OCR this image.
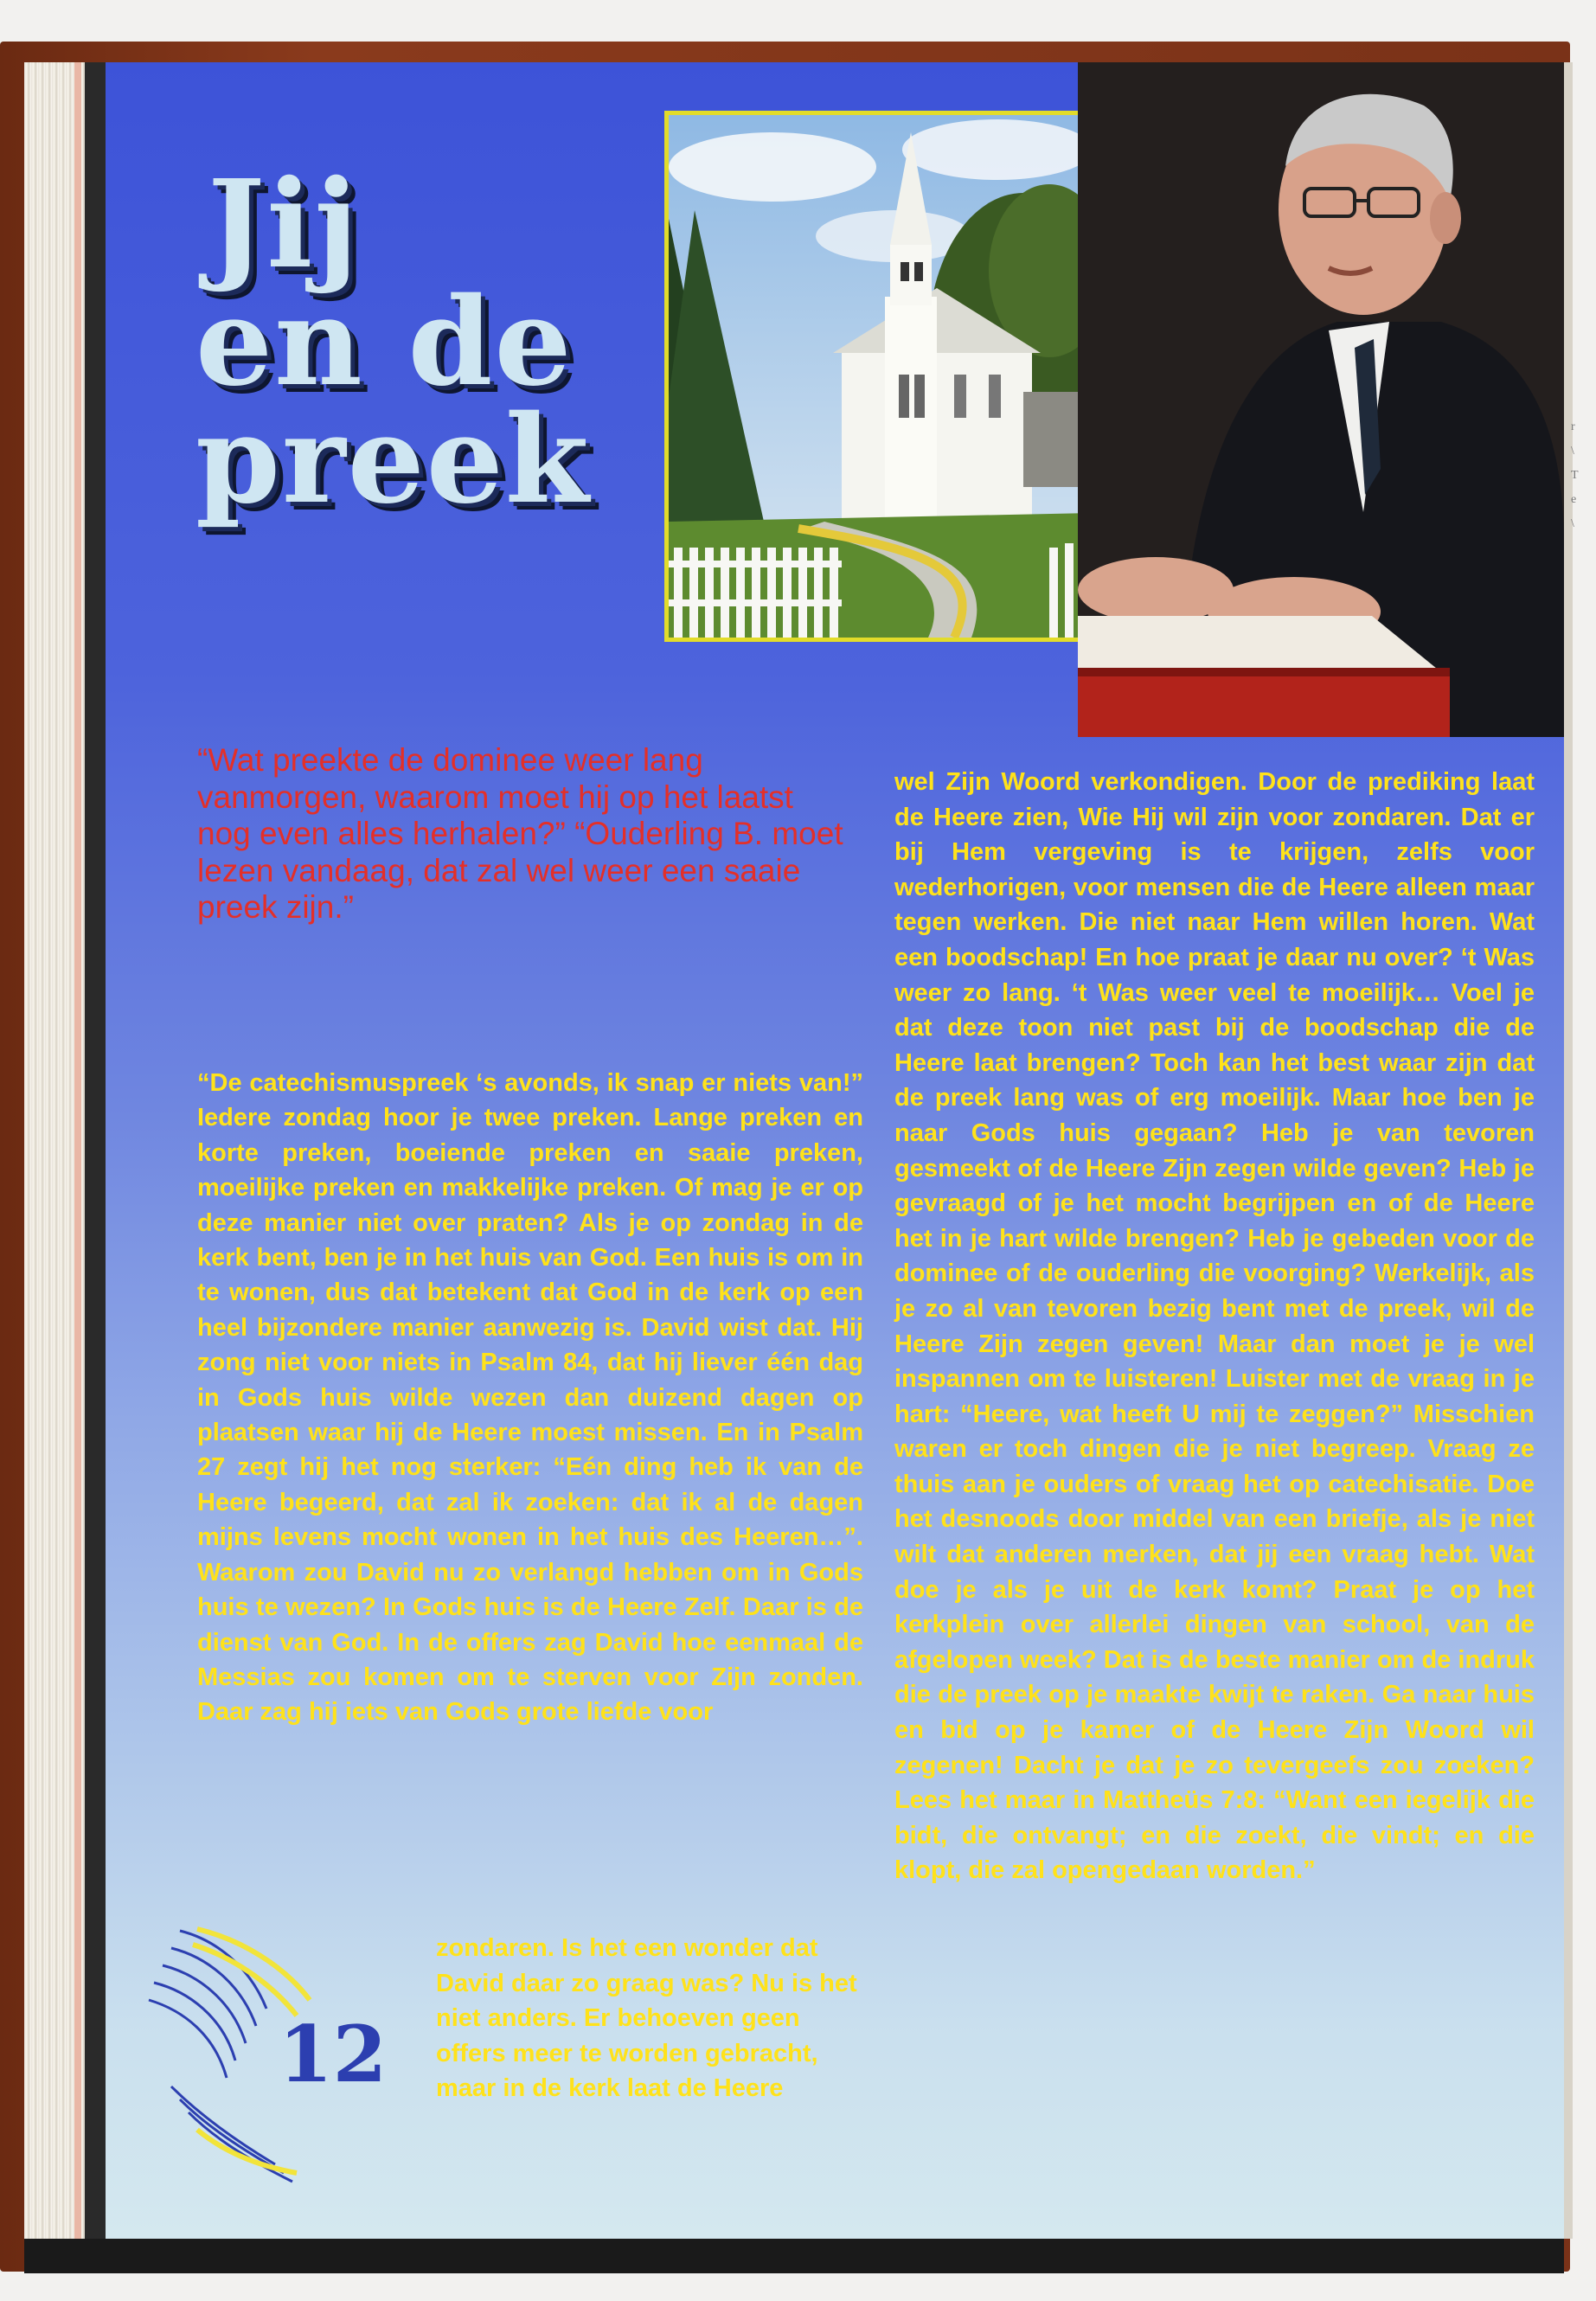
Jij
en de
preek
“Wat preekte de dominee weer lang vanmorgen, waarom moet hij op het laatst nog even alles herhalen?” “Ouderling B. moet lezen vandaag, dat zal wel weer een saaie preek zijn.”

“De catechismuspreek ‘s avonds, ik snap er niets van!” Iedere zondag hoor je twee preken. Lange preken en korte preken, boeiende preken en saaie preken, moeilijke preken en makkelijke preken. Of mag je er op deze manier niet over praten? Als je op zondag in de kerk bent, ben je in het huis van God. Een huis is om in te wonen, dus dat betekent dat God in de kerk op een heel bijzondere manier aanwezig is. David wist dat. Hij zong niet voor niets in Psalm 84, dat hij liever één dag in Gods huis wilde wezen dan duizend dagen op plaatsen waar hij de Heere moest missen. En in Psalm 27 zegt hij het nog sterker: “Eén ding heb ik van de Heere begeerd, dat zal ik zoeken: dat ik al de dagen mijns levens mocht wonen in het huis des Heeren…”. Waarom zou David nu zo verlangd hebben om in Gods huis te wezen? In Gods huis is de Heere Zelf. Daar is de dienst van God. In de offers zag David hoe eenmaal de Messias zou komen om te sterven voor Zijn zonden. Daar zag hij iets van Gods grote liefde voor

zondaren. Is het een wonder dat David daar zo graag was? Nu is het niet anders. Er behoeven geen offers meer te worden gebracht, maar in de kerk laat de Heere

wel Zijn Woord verkondigen. Door de prediking laat de Heere zien, Wie Hij wil zijn voor zondaren. Dat er bij Hem vergeving is te krijgen, zelfs voor wederhorigen, voor mensen die de Heere alleen maar tegen werken. Die niet naar Hem willen horen. Wat een boodschap! En hoe praat je daar nu over? ‘t Was weer zo lang. ‘t Was weer veel te moeilijk… Voel je dat deze toon niet past bij de boodschap die de Heere laat brengen? Toch kan het best waar zijn dat de preek lang was of erg moeilijk. Maar hoe ben je naar Gods huis gegaan? Heb je van tevoren gesmeekt of de Heere Zijn zegen wilde geven? Heb je gevraagd of je het mocht begrijpen en of de Heere het in je hart wilde brengen? Heb je gebeden voor de dominee of de ouderling die voorging? Werkelijk, als je zo al van tevoren bezig bent met de preek, wil de Heere Zijn zegen geven! Maar dan moet je je wel inspannen om te luisteren! Luister met de vraag in je hart: “Heere, wat heeft U mij te zeggen?” Misschien waren er toch dingen die je niet begreep. Vraag ze thuis aan je ouders of vraag het op catechisatie. Doe het desnoods door middel van een briefje, als je niet wilt dat anderen merken, dat jij een vraag hebt. Wat doe je als je uit de kerk komt? Praat je op het kerkplein over allerlei dingen van school, van de afgelopen week? Dat is de beste manier om de indruk die de preek op je maakte kwijt te raken. Ga naar huis en bid op je kamer of de Heere Zijn Woord wil zegenen! Dacht je dat je zo tevergeefs zou zoeken? Lees het maar in Mattheüs 7:8: “Want een iegelijk die bidt, die ontvangt; en die zoekt, die vindt; en die klopt, die zal opengedaan worden.”

12
r
\
T
e
\
